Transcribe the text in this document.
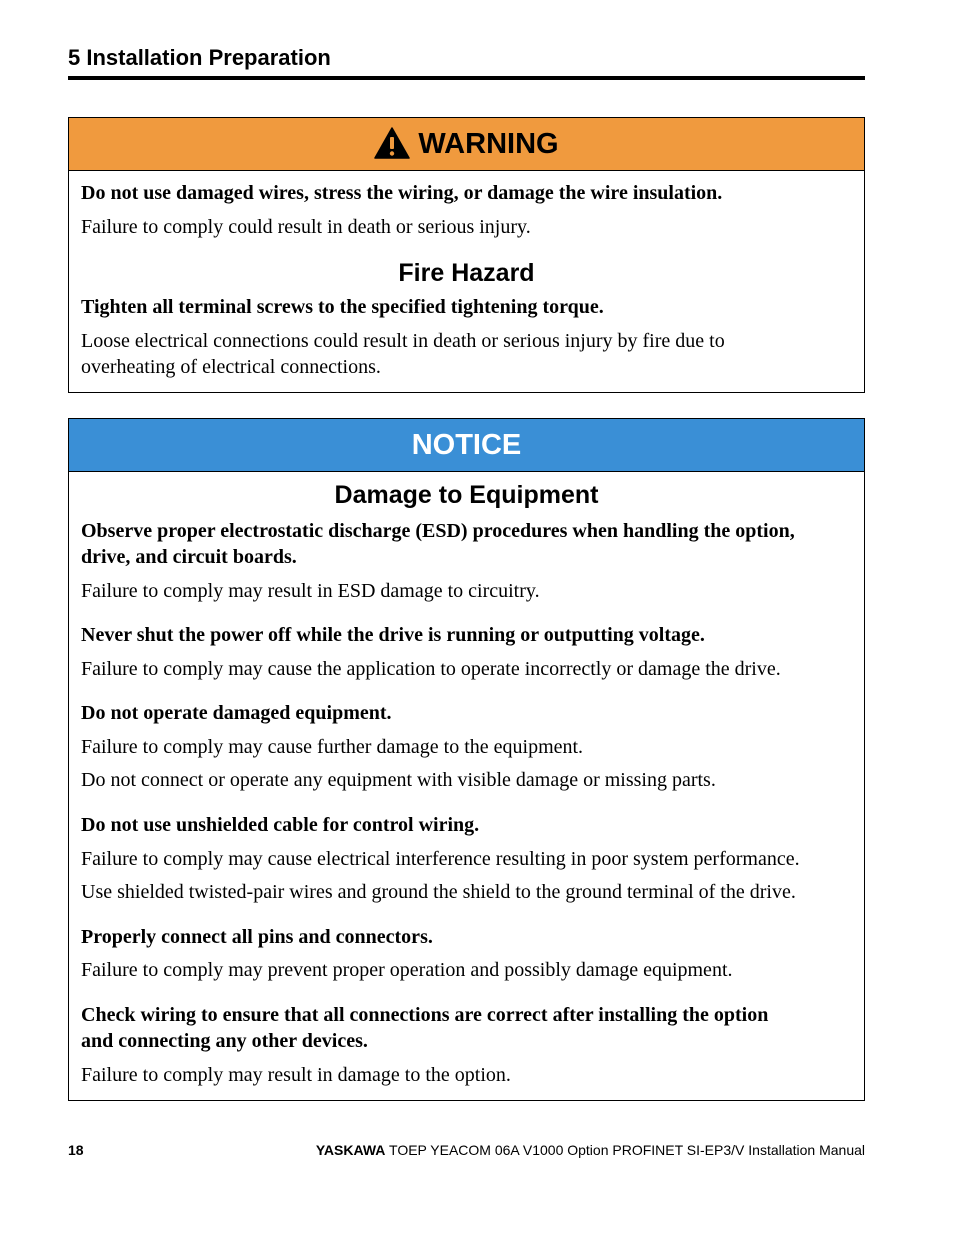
5 Installation Preparation
WARNING
Do not use damaged wires, stress the wiring, or damage the wire insulation.
Failure to comply could result in death or serious injury.
Fire Hazard
Tighten all terminal screws to the specified tightening torque.
Loose electrical connections could result in death or serious injury by fire due to
overheating of electrical connections.
NOTICE
Damage to Equipment
Observe proper electrostatic discharge (ESD) procedures when handling the option,
drive, and circuit boards.
Failure to comply may result in ESD damage to circuitry.
Never shut the power off while the drive is running or outputting voltage.
Failure to comply may cause the application to operate incorrectly or damage the drive.
Do not operate damaged equipment.
Failure to comply may cause further damage to the equipment.
Do not connect or operate any equipment with visible damage or missing parts.
Do not use unshielded cable for control wiring.
Failure to comply may cause electrical interference resulting in poor system performance.
Use shielded twisted-pair wires and ground the shield to the ground terminal of the drive.
Properly connect all pins and connectors.
Failure to comply may prevent proper operation and possibly damage equipment.
Check wiring to ensure that all connections are correct after installing the option
and connecting any other devices.
Failure to comply may result in damage to the option.
18	YASKAWA TOEP YEACOM 06A V1000 Option PROFINET SI-EP3/V Installation Manual
